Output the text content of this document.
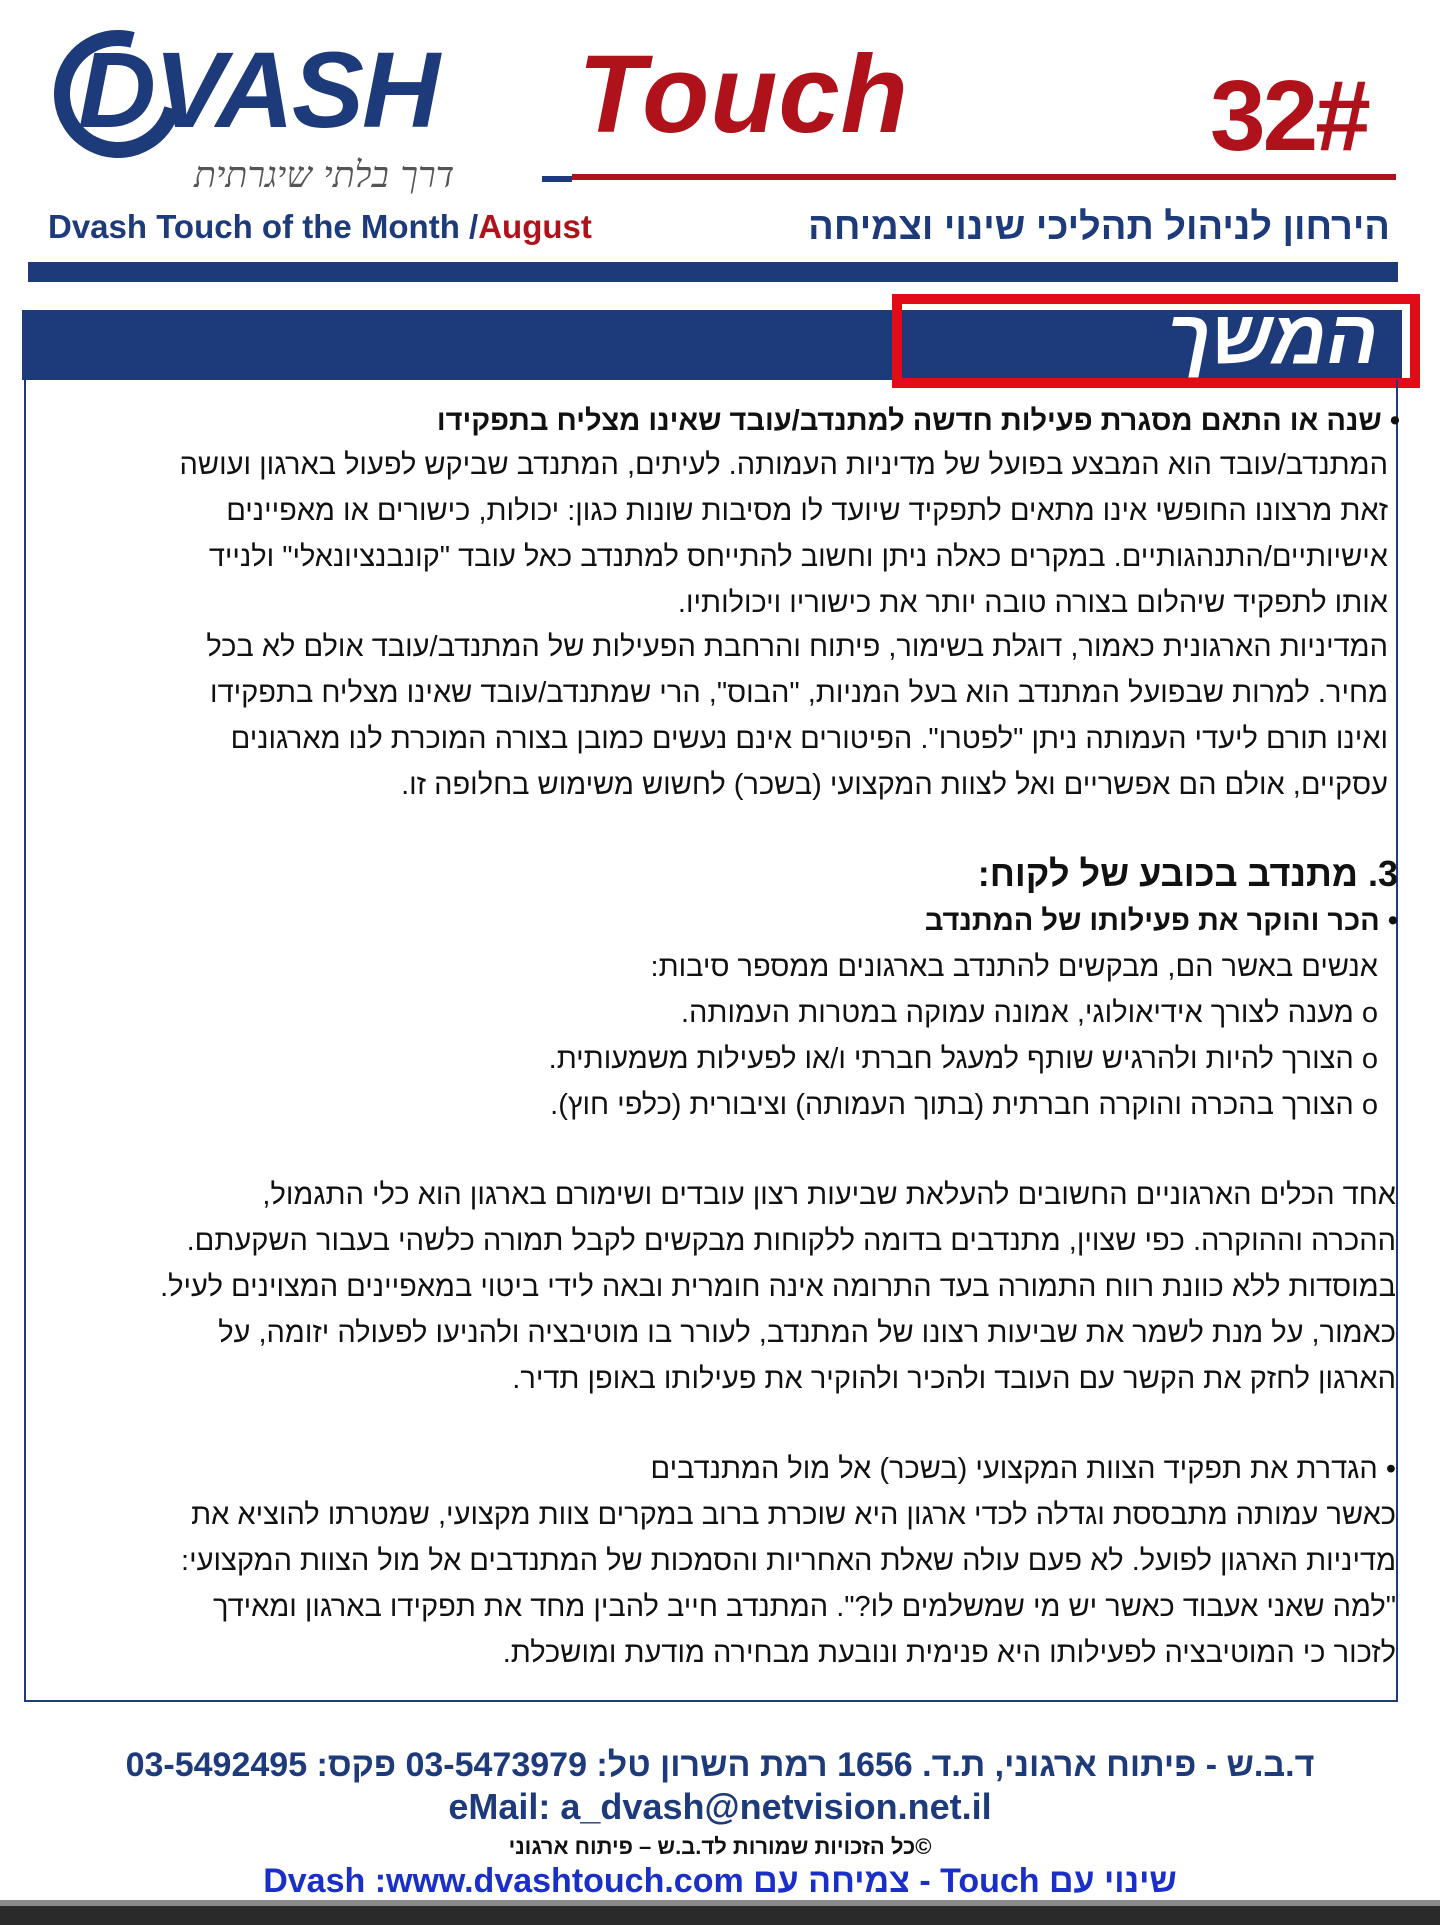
DVASH
דרך בלתי שיגרתית
Touch	32#
Dvash Touch of the Month /August	הירחון לניהול תהליכי שינוי וצמיחה
המשך
• שנה או התאם מסגרת פעילות חדשה למתנדב/עובד שאינו מצליח בתפקידו
המתנדב/עובד הוא המבצע בפועל של מדיניות העמותה. לעיתים, המתנדב שביקש לפעול בארגון ועושה
זאת מרצונו החופשי אינו מתאים לתפקיד שיועד לו מסיבות שונות כגון: יכולות, כישורים או מאפיינים
אישיותיים/התנהגותיים. במקרים כאלה ניתן וחשוב להתייחס למתנדב כאל עובד "קונבנציונאלי" ולנייד
אותו לתפקיד שיהלום בצורה טובה יותר את כישוריו ויכולותיו.
המדיניות הארגונית כאמור, דוגלת בשימור, פיתוח והרחבת הפעילות של המתנדב/עובד אולם לא בכל
מחיר. למרות שבפועל המתנדב הוא בעל המניות, "הבוס", הרי שמתנדב/עובד שאינו מצליח בתפקידו
ואינו תורם ליעדי העמותה ניתן "לפטרו". הפיטורים אינם נעשים כמובן בצורה המוכרת לנו מארגונים
עסקיים, אולם הם אפשריים ואל לצוות המקצועי (בשכר) לחשוש משימוש בחלופה זו.
3. מתנדב בכובע של לקוח:
• הכר והוקר את פעילותו של המתנדב
אנשים באשר הם, מבקשים להתנדב בארגונים ממספר סיבות:
o מענה לצורך אידיאולוגי, אמונה עמוקה במטרות העמותה.
o הצורך להיות ולהרגיש שותף למעגל חברתי ו/או לפעילות משמעותית.
o הצורך בהכרה והוקרה חברתית (בתוך העמותה) וציבורית (כלפי חוץ).
אחד הכלים הארגוניים החשובים להעלאת שביעות רצון עובדים ושימורם בארגון הוא כלי התגמול,
ההכרה וההוקרה. כפי שצוין, מתנדבים בדומה ללקוחות מבקשים לקבל תמורה כלשהי בעבור השקעתם.
במוסדות ללא כוונת רווח התמורה בעד התרומה אינה חומרית ובאה לידי ביטוי במאפיינים המצוינים לעיל.
כאמור, על מנת לשמר את שביעות רצונו של המתנדב, לעורר בו מוטיבציה ולהניעו לפעולה יזומה, על
הארגון לחזק את הקשר עם העובד ולהכיר ולהוקיר את פעילותו באופן תדיר.
• הגדרת את תפקיד הצוות המקצועי (בשכר) אל מול המתנדבים
כאשר עמותה מתבססת וגדלה לכדי ארגון היא שוכרת ברוב במקרים צוות מקצועי, שמטרתו להוציא את
מדיניות הארגון לפועל. לא פעם עולה שאלת האחריות והסמכות של המתנדבים אל מול הצוות המקצועי:
"למה שאני אעבוד כאשר יש מי שמשלמים לו?". המתנדב חייב להבין מחד את תפקידו בארגון ומאידך
לזכור כי המוטיבציה לפעילותו היא פנימית ונובעת מבחירה מודעת ומושכלת.
ד.ב.ש - פיתוח ארגוני, ת.ד. 1656 רמת השרון טל: 03-5473979 פקס: 03-5492495
eMail: a_dvash@netvision.net.il
©כל הזכויות שמורות לד.ב.ש – פיתוח ארגוני
שינוי עם Touch - צמיחה עם Dvash :www.dvashtouch.com
